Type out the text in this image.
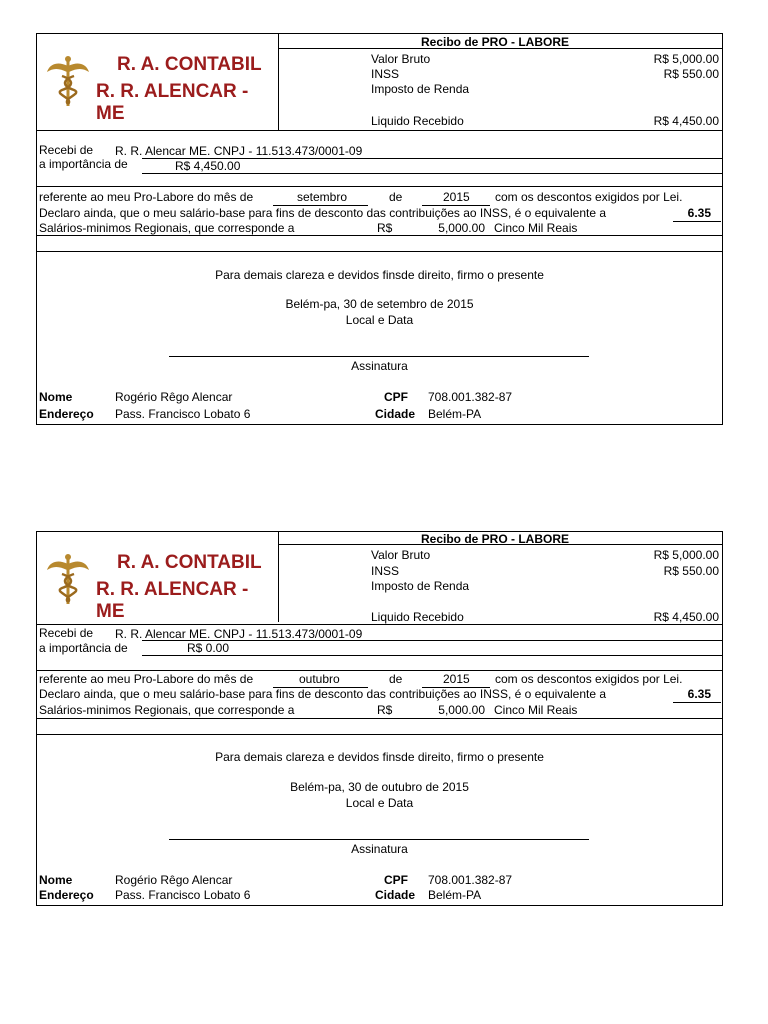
R. A. CONTABIL
R. R. ALENCAR - ME
Recibo de PRO - LABORE
Valor Bruto	R$ 5,000.00
INSS	R$ 550.00
Imposto de Renda
Liquido Recebido	R$ 4,450.00
Recebi de R. R. Alencar ME. CNPJ - 11.513.473/0001-09
a importância de	R$ 4,450.00
referente ao meu Pro-Labore do mês de	setembro	de	2015 com os descontos exigidos por Lei.
Declaro ainda, que o meu salário-base para fins de desconto das contribuições ao INSS, é o equivalente a	6.35
Salários-minimos Regionais, que corresponde a	R$	5,000.00 Cinco Mil Reais
Para demais clareza e devidos finsde direito, firmo o presente
Belém-pa, 30 de setembro de 2015
Local e Data
Assinatura
Nome	Rogério Rêgo Alencar	CPF 708.001.382-87
Endereço Pass. Francisco Lobato 6	Cidade Belém-PA
R. A. CONTABIL
R. R. ALENCAR - ME
Recibo de PRO - LABORE
Valor Bruto	R$ 5,000.00
INSS	R$ 550.00
Imposto de Renda
Liquido Recebido	R$ 4,450.00
Recebi de R. R. Alencar ME. CNPJ - 11.513.473/0001-09
a importância de	R$ 0.00
referente ao meu Pro-Labore do mês de	outubro	de	2015 com os descontos exigidos por Lei.
Declaro ainda, que o meu salário-base para fins de desconto das contribuições ao INSS, é o equivalente a	6.35
Salários-minimos Regionais, que corresponde a	R$	5,000.00 Cinco Mil Reais
Para demais clareza e devidos finsde direito, firmo o presente
Belém-pa, 30 de outubro de 2015
Local e Data
Assinatura
Nome	Rogério Rêgo Alencar	CPF 708.001.382-87
Endereço Pass. Francisco Lobato 6	Cidade Belém-PA
